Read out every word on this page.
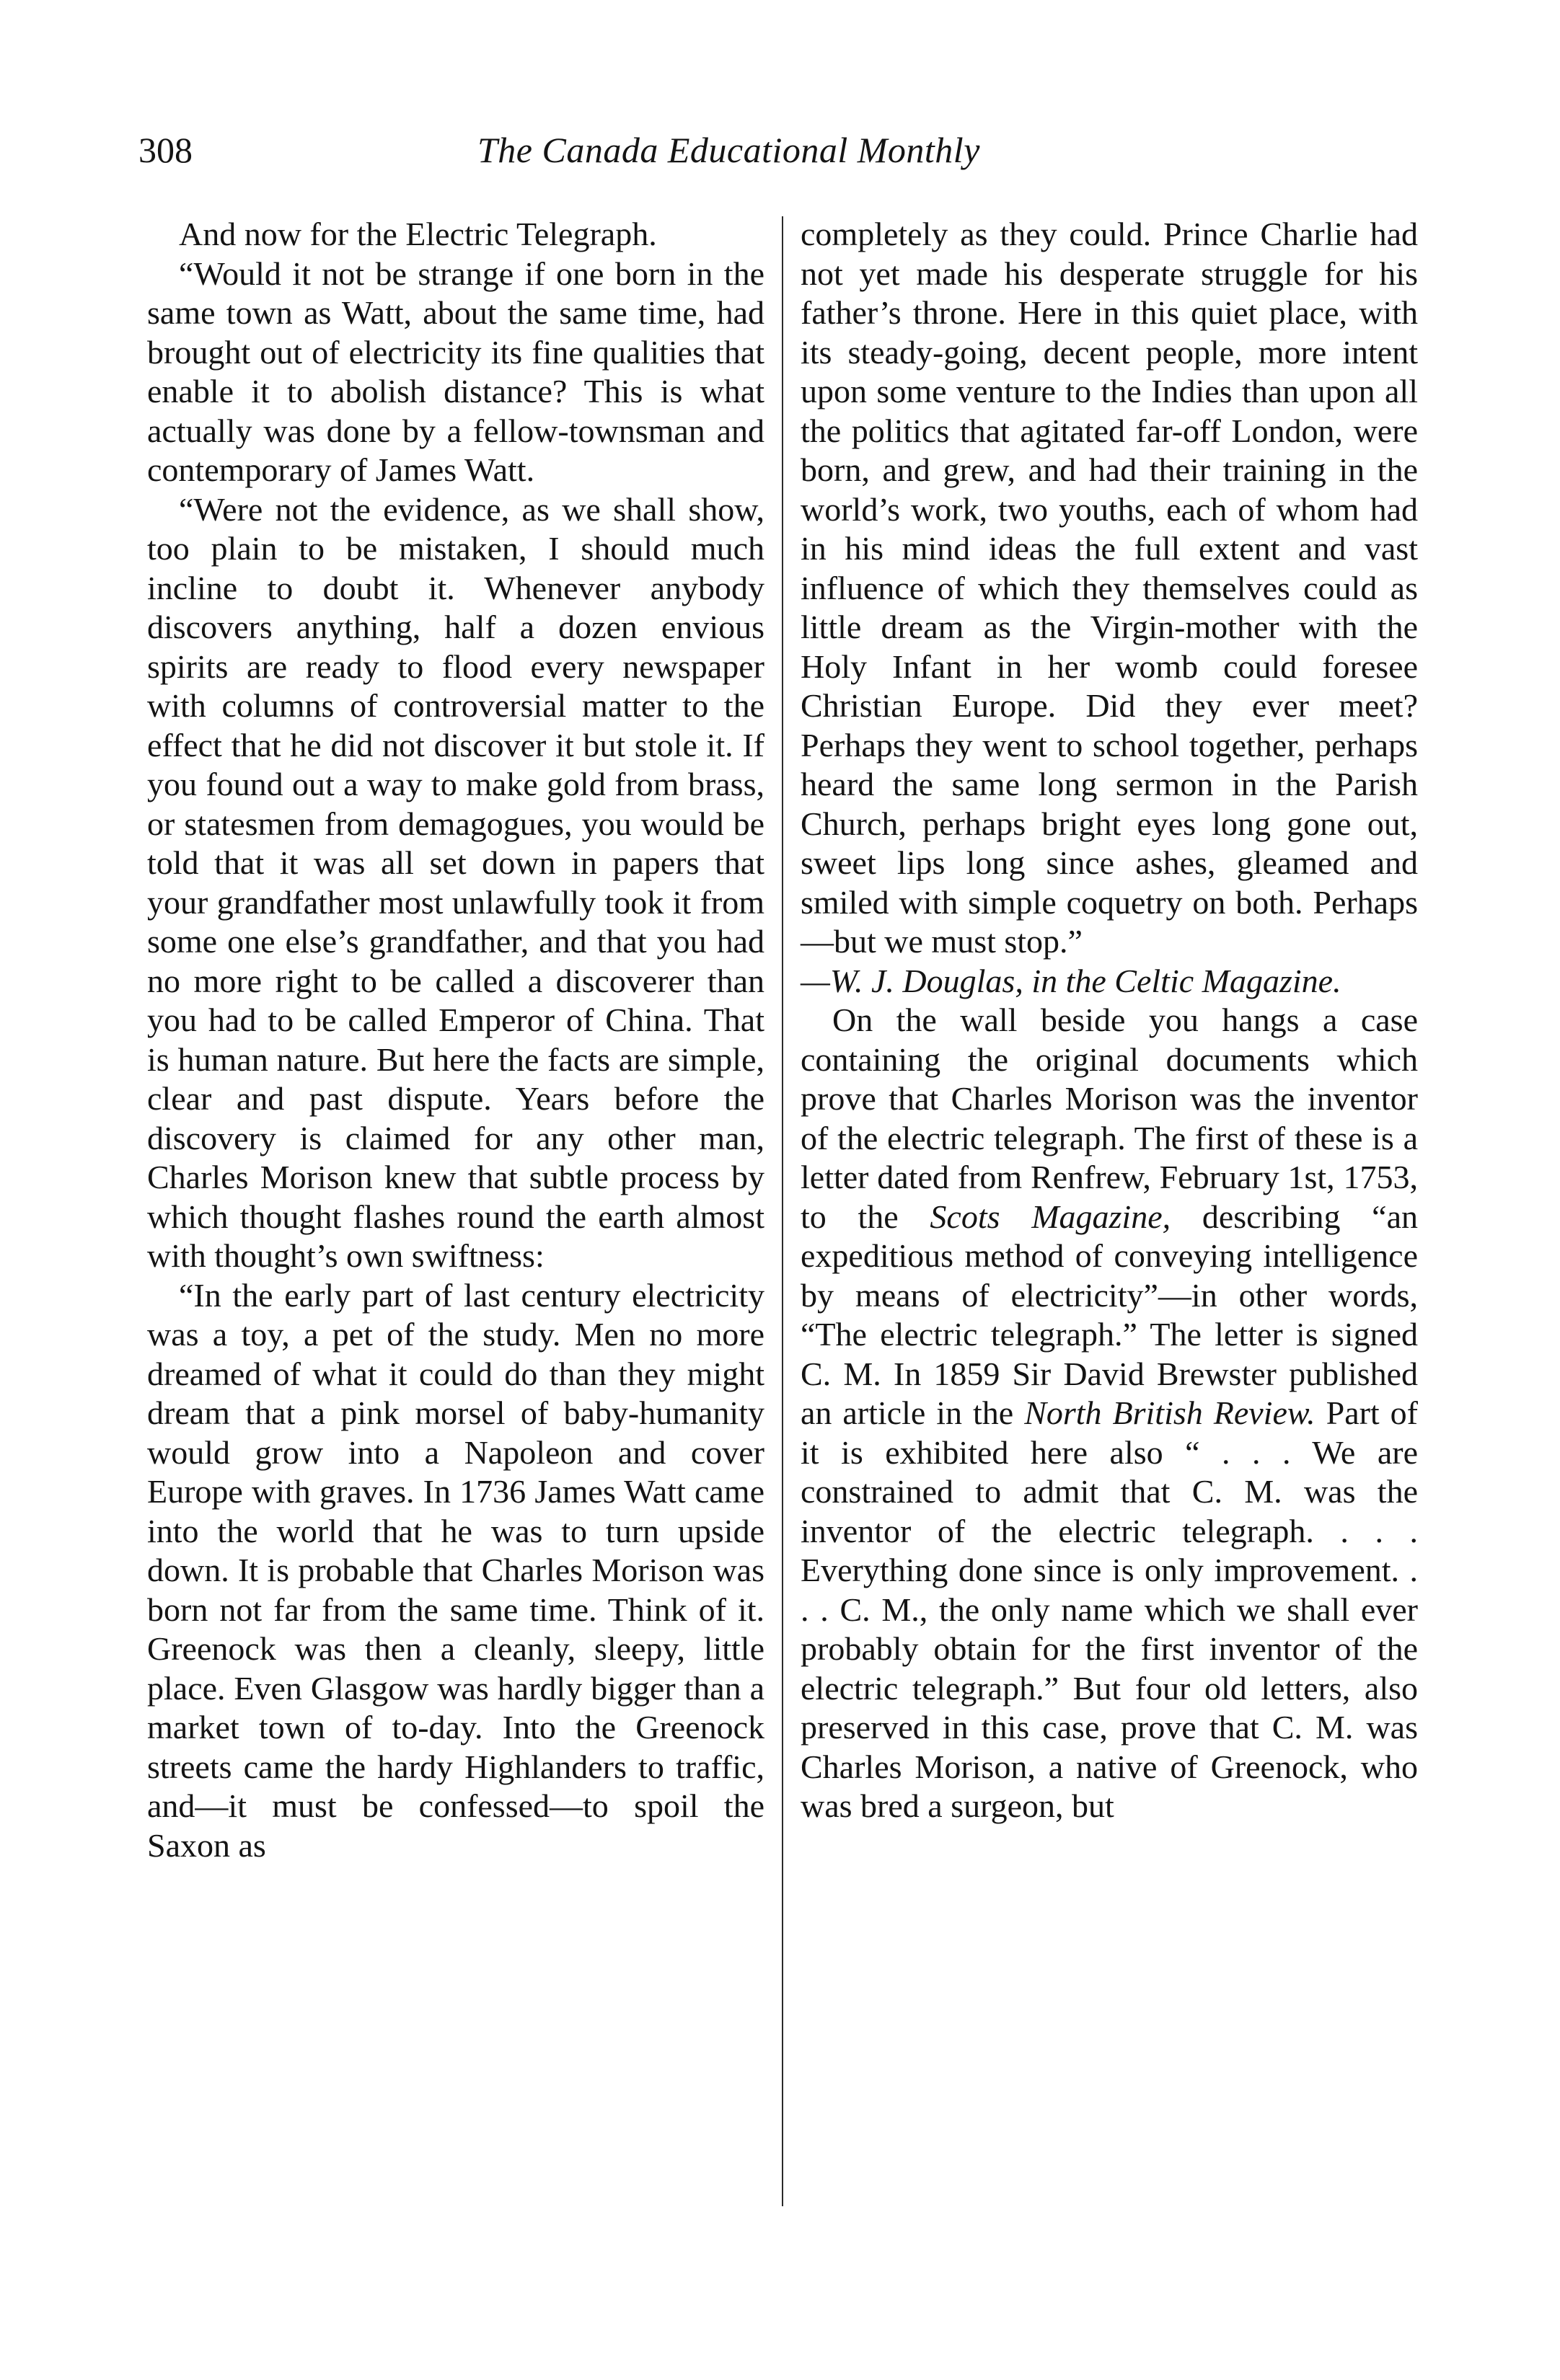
308	The Canada Educational Monthly

And now for the Electric Telegraph.

“Would it not be strange if one born in the same town as Watt, about the same time, had brought out of electricity its fine qualities that enable it to abolish distance? This is what actually was done by a fellow-townsman and contemporary of James Watt.

“Were not the evidence, as we shall show, too plain to be mistaken, I should much incline to doubt it. Whenever anybody discovers anything, half a dozen envious spirits are ready to flood every newspaper with columns of controversial matter to the effect that he did not discover it but stole it. If you found out a way to make gold from brass, or statesmen from demagogues, you would be told that it was all set down in papers that your grandfather most unlawfully took it from some one else’s grandfather, and that you had no more right to be called a discoverer than you had to be called Emperor of China. That is human nature. But here the facts are simple, clear and past dispute. Years before the discovery is claimed for any other man, Charles Morison knew that subtle process by which thought flashes round the earth almost with thought’s own swiftness:

“In the early part of last century electricity was a toy, a pet of the study. Men no more dreamed of what it could do than they might dream that a pink morsel of baby-humanity would grow into a Napoleon and cover Europe with graves. In 1736 James Watt came into the world that he was to turn upside down. It is probable that Charles Morison was born not far from the same time. Think of it. Greenock was then a cleanly, sleepy, little place. Even Glasgow was hardly bigger than a market town of to-day. Into the Greenock streets came the hardy Highlanders to traffic, and—it must be confessed—to spoil the Saxon as

completely as they could. Prince Charlie had not yet made his desperate struggle for his father’s throne. Here in this quiet place, with its steady-going, decent people, more intent upon some venture to the Indies than upon all the politics that agitated far-off London, were born, and grew, and had their training in the world’s work, two youths, each of whom had in his mind ideas the full extent and vast influence of which they themselves could as little dream as the Virgin-mother with the Holy Infant in her womb could foresee Christian Europe. Did they ever meet? Perhaps they went to school together, perhaps heard the same long sermon in the Parish Church, perhaps bright eyes long gone out, sweet lips long since ashes, gleamed and smiled with simple coquetry on both. Perhaps—but we must stop.”

—W. J. Douglas, in the Celtic Magazine.

On the wall beside you hangs a case containing the original documents which prove that Charles Morison was the inventor of the electric telegraph. The first of these is a letter dated from Renfrew, February 1st, 1753, to the Scots Magazine, describing “an expeditious method of conveying intelligence by means of electricity”—in other words, “The electric telegraph.” The letter is signed C. M. In 1859 Sir David Brewster published an article in the North British Review. Part of it is exhibited here also “ . . . We are constrained to admit that C. M. was the inventor of the electric telegraph. . . . Everything done since is only improvement. . . . C. M., the only name which we shall ever probably obtain for the first inventor of the electric telegraph.” But four old letters, also preserved in this case, prove that C. M. was Charles Morison, a native of Greenock, who was bred a surgeon, but
